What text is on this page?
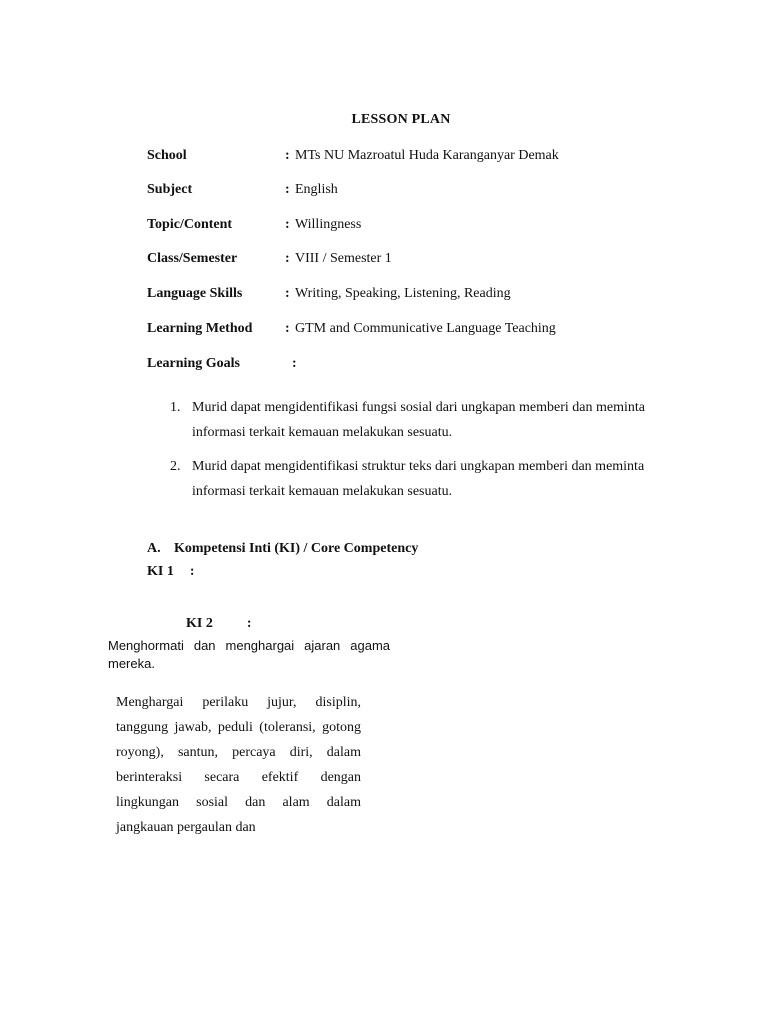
LESSON PLAN
School	: MTs NU Mazroatul Huda Karanganyar Demak
Subject	: English
Topic/Content	: Willingness
Class/Semester	: VIII / Semester 1
Language Skills	: Writing, Speaking, Listening, Reading
Learning Method : GTM and Communicative Language Teaching
Learning Goals	:
1. Murid dapat mengidentifikasi fungsi sosial dari ungkapan memberi dan meminta informasi terkait kemauan melakukan sesuatu.
2. Murid dapat mengidentifikasi struktur teks dari ungkapan memberi dan meminta informasi terkait kemauan melakukan sesuatu.
A. Kompetensi Inti (KI) / Core Competency
KI 1 :
KI 2 :
Menghormati dan menghargai ajaran agama mereka.
Menghargai perilaku jujur, disiplin, tanggung jawab, peduli (toleransi, gotong royong), santun, percaya diri, dalam berinteraksi secara efektif dengan lingkungan sosial dan alam dalam jangkauan pergaulan dan
